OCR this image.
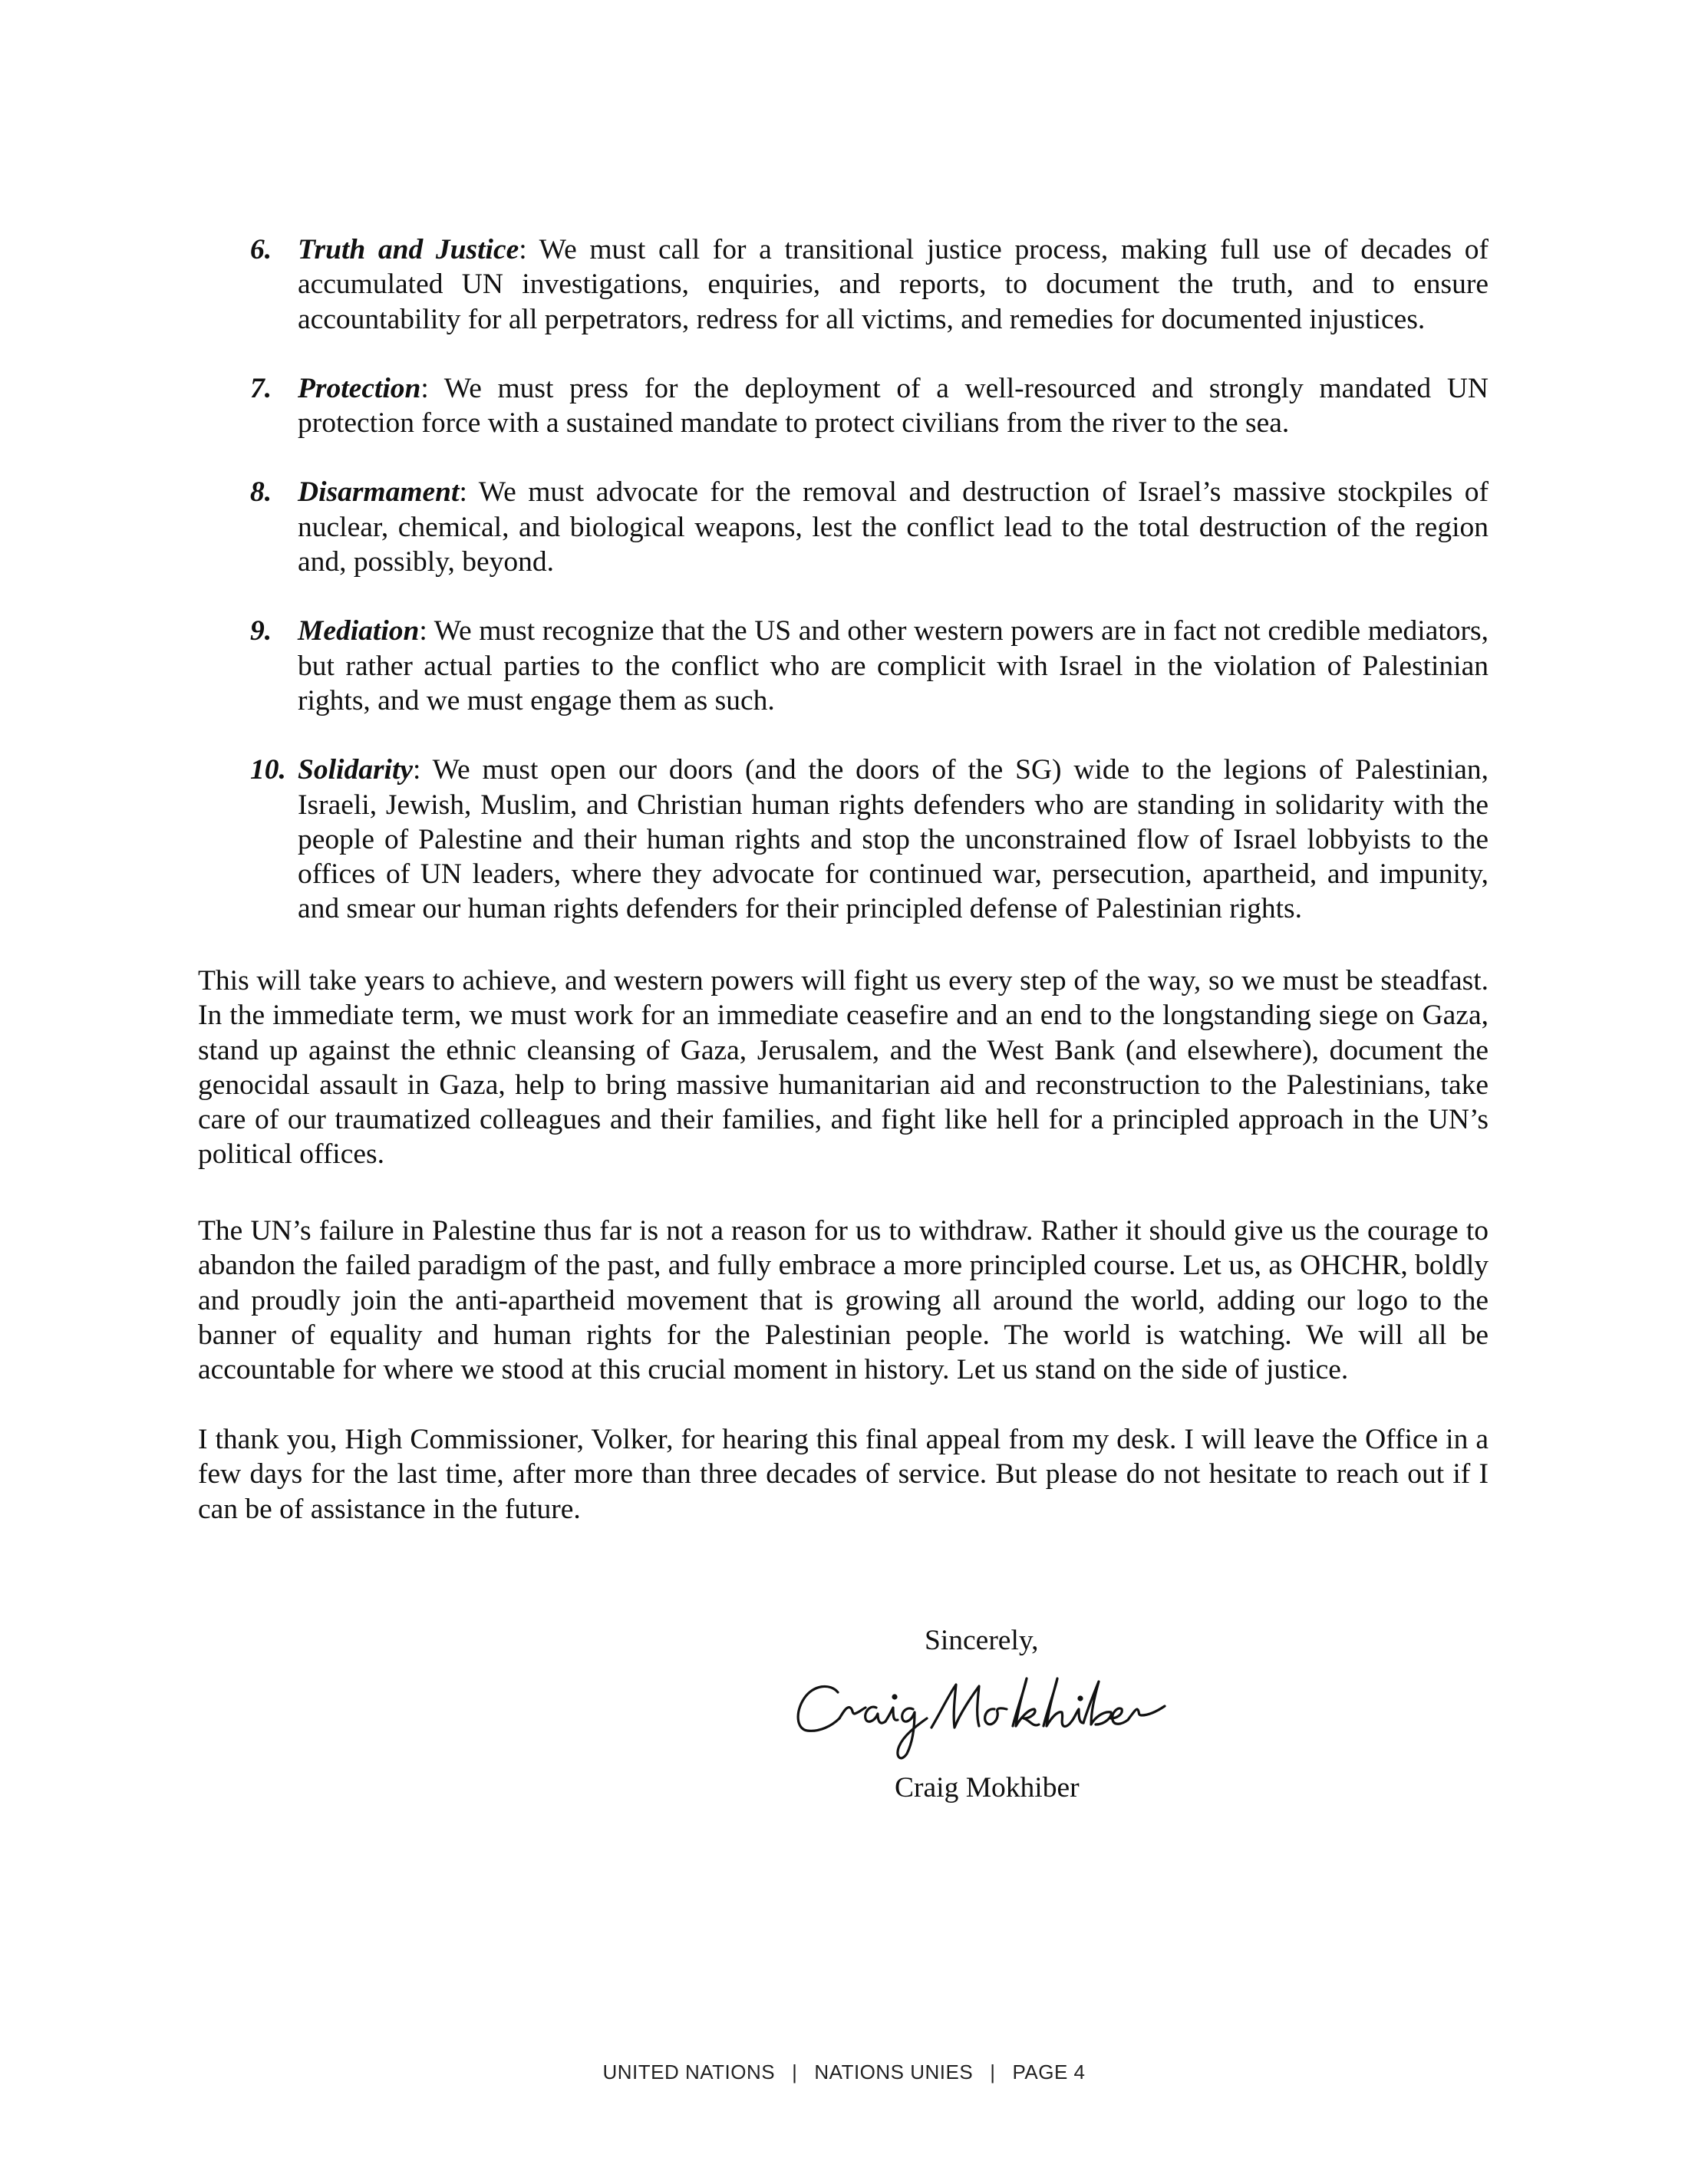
6. Truth and Justice: We must call for a transitional justice process, making full use of decades of accumulated UN investigations, enquiries, and reports, to document the truth, and to ensure accountability for all perpetrators, redress for all victims, and remedies for documented injustices.
7. Protection: We must press for the deployment of a well-resourced and strongly mandated UN protection force with a sustained mandate to protect civilians from the river to the sea.
8. Disarmament: We must advocate for the removal and destruction of Israel’s massive stockpiles of nuclear, chemical, and biological weapons, lest the conflict lead to the total destruction of the region and, possibly, beyond.
9. Mediation: We must recognize that the US and other western powers are in fact not credible mediators, but rather actual parties to the conflict who are complicit with Israel in the violation of Palestinian rights, and we must engage them as such.
10. Solidarity: We must open our doors (and the doors of the SG) wide to the legions of Palestinian, Israeli, Jewish, Muslim, and Christian human rights defenders who are standing in solidarity with the people of Palestine and their human rights and stop the unconstrained flow of Israel lobbyists to the offices of UN leaders, where they advocate for continued war, persecution, apartheid, and impunity, and smear our human rights defenders for their principled defense of Palestinian rights.

This will take years to achieve, and western powers will fight us every step of the way, so we must be steadfast. In the immediate term, we must work for an immediate ceasefire and an end to the longstanding siege on Gaza, stand up against the ethnic cleansing of Gaza, Jerusalem, and the West Bank (and elsewhere), document the genocidal assault in Gaza, help to bring massive humanitarian aid and reconstruction to the Palestinians, take care of our traumatized colleagues and their families, and fight like hell for a principled approach in the UN’s political offices.

The UN’s failure in Palestine thus far is not a reason for us to withdraw. Rather it should give us the courage to abandon the failed paradigm of the past, and fully embrace a more principled course. Let us, as OHCHR, boldly and proudly join the anti-apartheid movement that is growing all around the world, adding our logo to the banner of equality and human rights for the Palestinian people. The world is watching. We will all be accountable for where we stood at this crucial moment in history. Let us stand on the side of justice.

I thank you, High Commissioner, Volker, for hearing this final appeal from my desk. I will leave the Office in a few days for the last time, after more than three decades of service. But please do not hesitate to reach out if I can be of assistance in the future.

Sincerely,
Craig Mokhiber
UNITED NATIONS | NATIONS UNIES | PAGE 4
